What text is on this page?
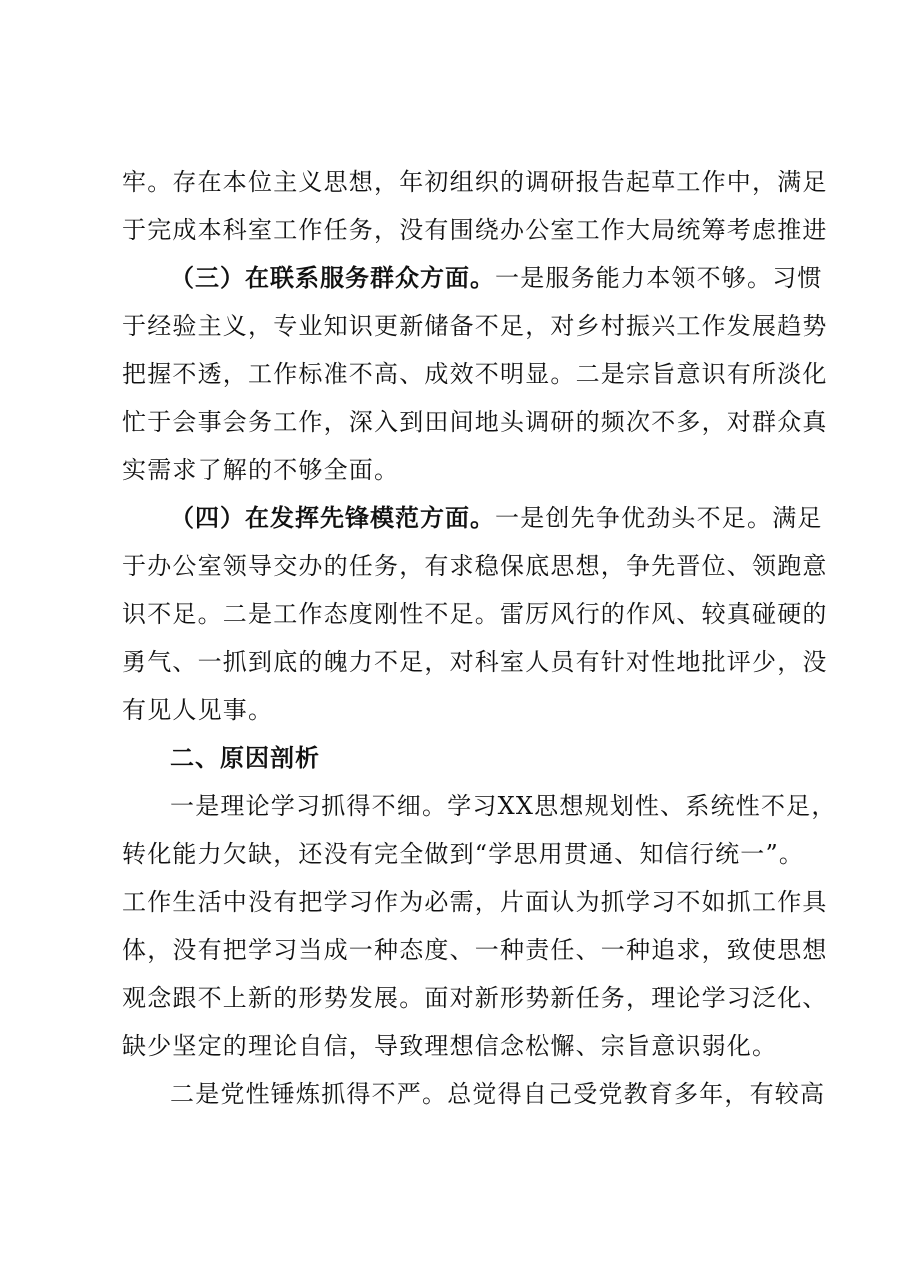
牢。存在本位主义思想，年初组织的调研报告起草工作中，满足
于完成本科室工作任务，没有围绕办公室工作大局统筹考虑推进
（三）在联系服务群众方面。一是服务能力本领不够。习惯
于经验主义，专业知识更新储备不足，对乡村振兴工作发展趋势
把握不透，工作标准不高、成效不明显。二是宗旨意识有所淡化
忙于会事会务工作，深入到田间地头调研的频次不多，对群众真
实需求了解的不够全面。
（四）在发挥先锋模范方面。一是创先争优劲头不足。满足
于办公室领导交办的任务，有求稳保底思想，争先晋位、领跑意
识不足。二是工作态度刚性不足。雷厉风行的作风、较真碰硬的
勇气、一抓到底的魄力不足，对科室人员有针对性地批评少，没
有见人见事。
二、原因剖析
一是理论学习抓得不细。学习XX思想规划性、系统性不足，
转化能力欠缺，还没有完全做到“学思用贯通、知信行统一”。
工作生活中没有把学习作为必需，片面认为抓学习不如抓工作具
体，没有把学习当成一种态度、一种责任、一种追求，致使思想
观念跟不上新的形势发展。面对新形势新任务，理论学习泛化、
缺少坚定的理论自信，导致理想信念松懈、宗旨意识弱化。
二是党性锤炼抓得不严。总觉得自己受党教育多年，有较高
